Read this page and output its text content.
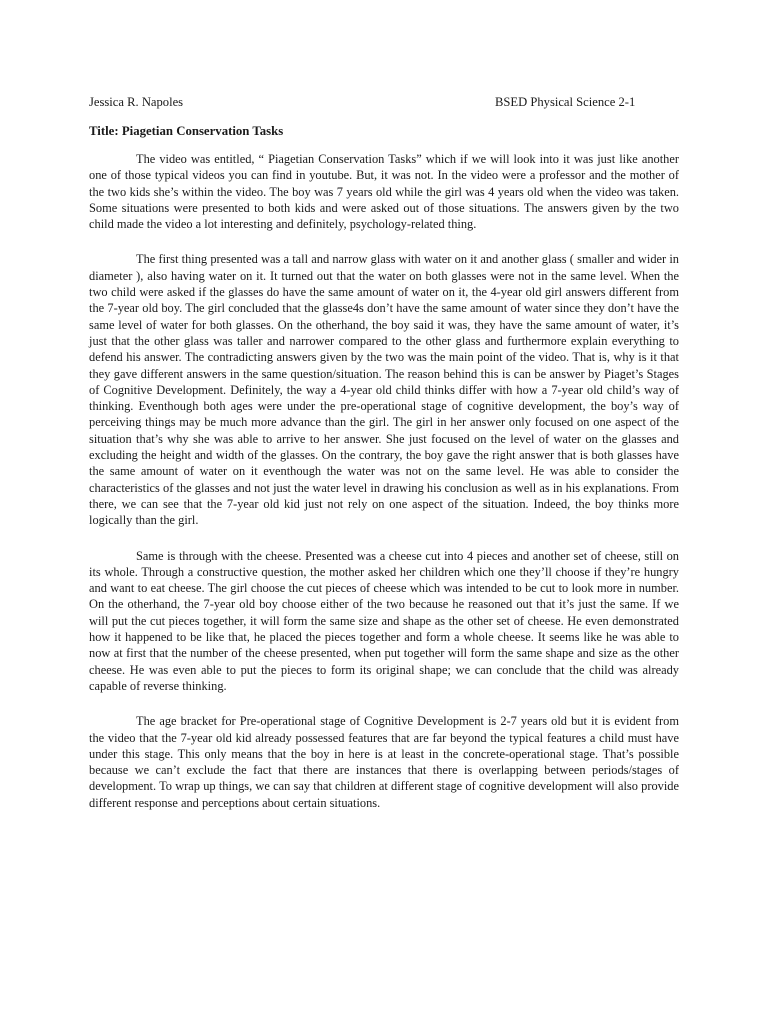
Jessica R. Napoles	BSED Physical Science 2-1
Title: Piagetian Conservation Tasks

The video was entitled, “ Piagetian Conservation Tasks” which if we will look into it was just like another one of those typical videos you can find in youtube. But, it was not. In the video were a professor and the mother of the two kids she’s within the video. The boy was 7 years old while the girl was 4 years old when the video was taken. Some situations were presented to both kids and were asked out of those situations. The answers given by the two child made the video a lot interesting and definitely, psychology-related thing.

The first thing presented was a tall and narrow glass with water on it and another glass ( smaller and wider in diameter ), also having water on it. It turned out that the water on both glasses were not in the same level. When the two child were asked if the glasses do have the same amount of water on it, the 4-year old girl answers different from the 7-year old boy. The girl concluded that the glasse4s don’t have the same amount of water since they don’t have the same level of water for both glasses. On the otherhand, the boy said it was, they have the same amount of water, it’s just that the other glass was taller and narrower compared to the other glass and furthermore explain everything to defend his answer. The contradicting answers given by the two was the main point of the video. That is, why is it that they gave different answers in the same question/situation. The reason behind this is can be answer by Piaget’s Stages of Cognitive Development. Definitely, the way a 4-year old child thinks differ with how a 7-year old child’s way of thinking. Eventhough both ages were under the pre-operational stage of cognitive development, the boy’s way of perceiving things may be much more advance than the girl. The girl in her answer only focused on one aspect of the situation that’s why she was able to arrive to her answer. She just focused on the level of water on the glasses and excluding the height and width of the glasses. On the contrary, the boy gave the right answer that is both glasses have the same amount of water on it eventhough the water was not on the same level. He was able to consider the characteristics of the glasses and not just the water level in drawing his conclusion as well as in his explanations. From there, we can see that the 7-year old kid just not rely on one aspect of the situation. Indeed, the boy thinks more logically than the girl.

Same is through with the cheese. Presented was a cheese cut into 4 pieces and another set of cheese, still on its whole. Through a constructive question, the mother asked her children which one they’ll choose if they’re hungry and want to eat cheese. The girl choose the cut pieces of cheese which was intended to be cut to look more in number. On the otherhand, the 7-year old boy choose either of the two because he reasoned out that it’s just the same. If we will put the cut pieces together, it will form the same size and shape as the other set of cheese. He even demonstrated how it happened to be like that, he placed the pieces together and form a whole cheese. It seems like he was able to now at first that the number of the cheese presented, when put together will form the same shape and size as the other cheese. He was even able to put the pieces to form its original shape; we can conclude that the child was already capable of reverse thinking.

The age bracket for Pre-operational stage of Cognitive Development is 2-7 years old but it is evident from the video that the 7-year old kid already possessed features that are far beyond the typical features a child must have under this stage. This only means that the boy in here is at least in the concrete-operational stage. That’s possible because we can’t exclude the fact that there are instances that there is overlapping between periods/stages of development. To wrap up things, we can say that children at different stage of cognitive development will also provide different response and perceptions about certain situations.
